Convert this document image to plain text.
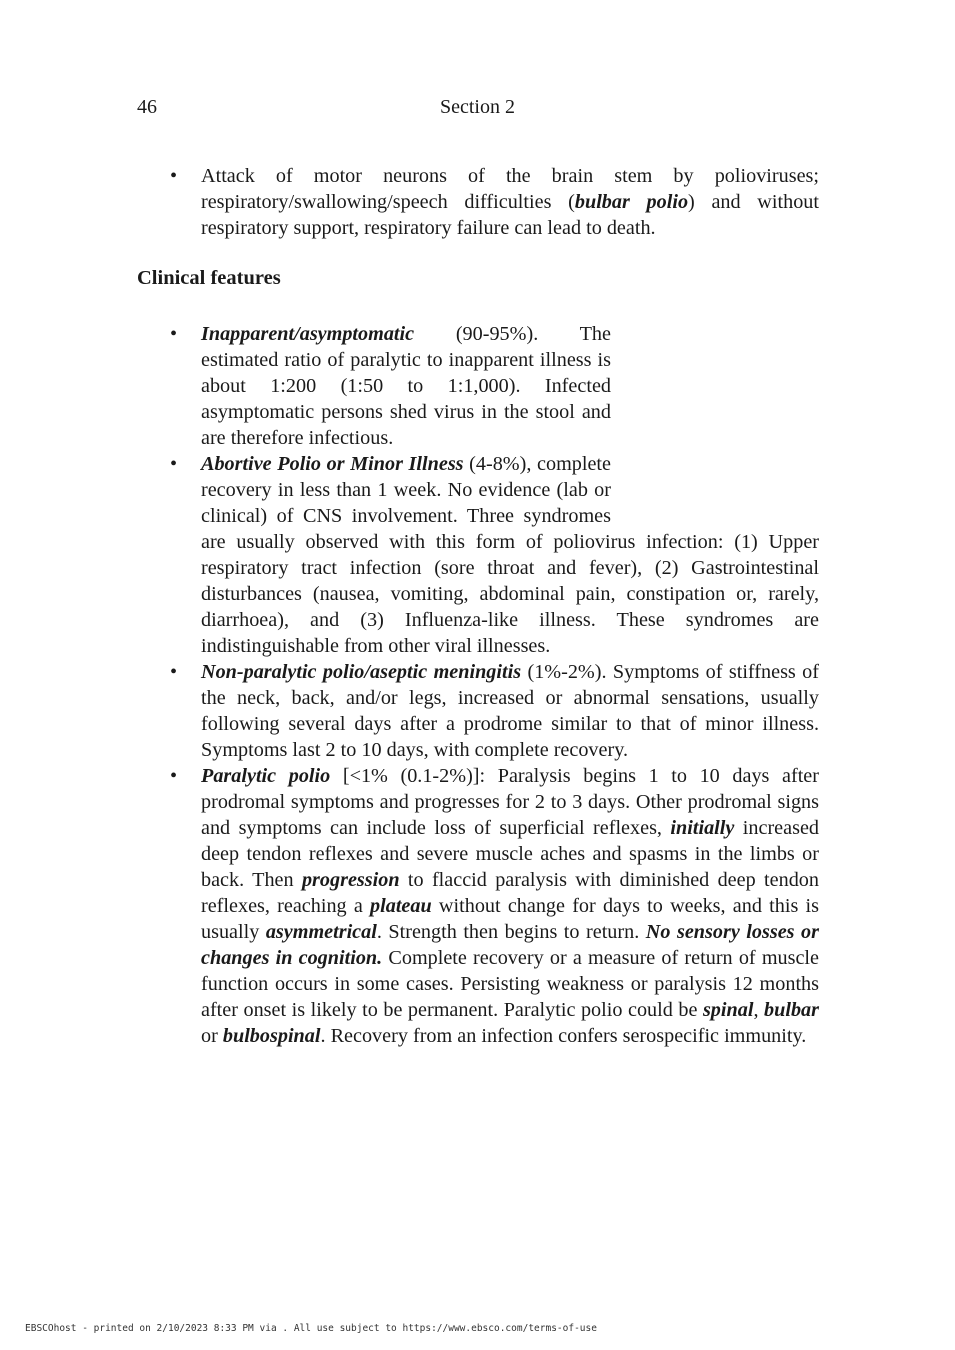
46	Section 2
• Attack of motor neurons of the brain stem by polioviruses; respiratory/swallowing/speech difficulties (bulbar polio) and without respiratory support, respiratory failure can lead to death.
Clinical features
• Inapparent/asymptomatic (90-95%). The estimated ratio of paralytic to inapparent illness is about 1:200 (1:50 to 1:1,000). Infected asymptomatic persons shed virus in the stool and are therefore infectious.
• Abortive Polio or Minor Illness (4-8%), complete recovery in less than 1 week. No evidence (lab or clinical) of CNS involvement. Three syndromes are usually observed with this form of poliovirus infection: (1) Upper respiratory tract infection (sore throat and fever), (2) Gastrointestinal disturbances (nausea, vomiting, abdominal pain, constipation or, rarely, diarrhoea), and (3) Influenza-like illness. These syndromes are indistinguishable from other viral illnesses.
• Non-paralytic polio/aseptic meningitis (1%-2%). Symptoms of stiffness of the neck, back, and/or legs, increased or abnormal sensations, usually following several days after a prodrome similar to that of minor illness. Symptoms last 2 to 10 days, with complete recovery.
• Paralytic polio [<1% (0.1-2%)]: Paralysis begins 1 to 10 days after prodromal symptoms and progresses for 2 to 3 days. Other prodromal signs and symptoms can include loss of superficial reflexes, initially increased deep tendon reflexes and severe muscle aches and spasms in the limbs or back. Then progression to flaccid paralysis with diminished deep tendon reflexes, reaching a plateau without change for days to weeks, and this is usually asymmetrical. Strength then begins to return. No sensory losses or changes in cognition. Complete recovery or a measure of return of muscle function occurs in some cases. Persisting weakness or paralysis 12 months after onset is likely to be permanent. Paralytic polio could be spinal, bulbar or bulbospinal. Recovery from an infection confers serospecific immunity.
EBSCOhost - printed on 2/10/2023 8:33 PM via . All use subject to https://www.ebsco.com/terms-of-use
